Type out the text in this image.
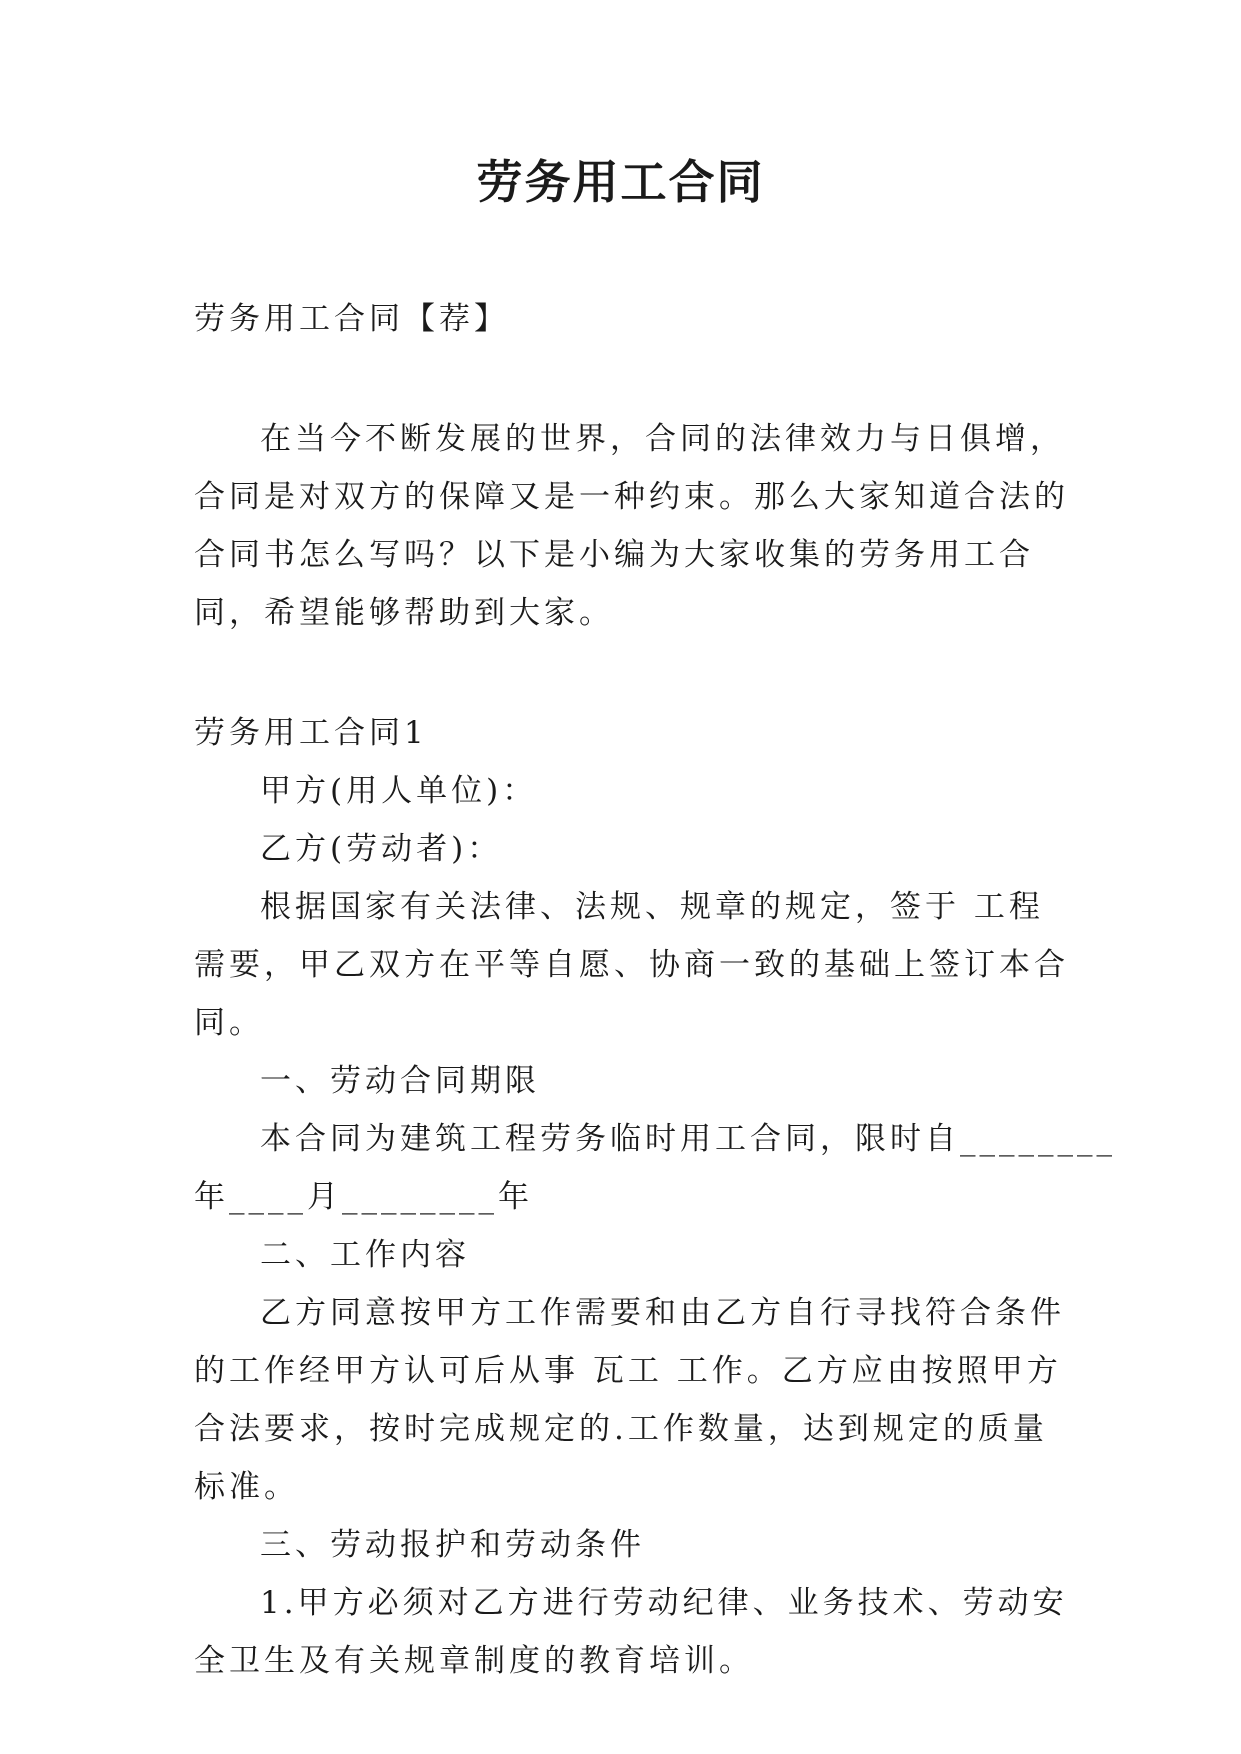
劳务用工合同

劳务用工合同【荐】

在当今不断发展的世界，合同的法律效力与日俱增，合同是对双方的保障又是一种约束。那么大家知道合法的合同书怎么写吗？以下是小编为大家收集的劳务用工合同，希望能够帮助到大家。

劳务用工合同1

甲方(用人单位)：

乙方(劳动者)：

根据国家有关法律、法规、规章的规定，签于 工程需要，甲乙双方在平等自愿、协商一致的基础上签订本合同。

一、劳动合同期限

本合同为建筑工程劳务临时用工合同，限时自________

年____月________年

二、工作内容

乙方同意按甲方工作需要和由乙方自行寻找符合条件的工作经甲方认可后从事 瓦工 工作。乙方应由按照甲方合法要求，按时完成规定的.工作数量，达到规定的质量标准。

三、劳动报护和劳动条件

1.甲方必须对乙方进行劳动纪律、业务技术、劳动安全卫生及有关规章制度的教育培训。
